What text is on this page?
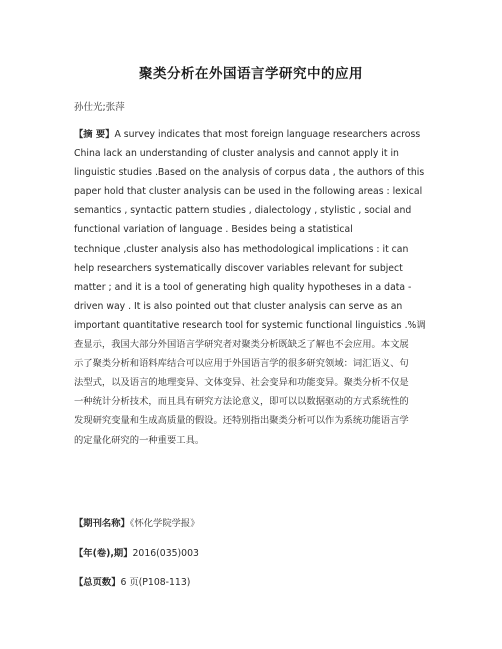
聚类分析在外国语言学研究中的应用
孙仕光;张萍
【摘 要】A survey indicates that most foreign language researchers across
China lack an understanding of cluster analysis and cannot apply it in
linguistic studies .Based on the analysis of corpus data , the authors of this
paper hold that cluster analysis can be used in the following areas : lexical
semantics , syntactic pattern studies , dialectology , stylistic , social and
functional variation of language . Besides being a statistical
technique ,cluster analysis also has methodological implications : it can
help researchers systematically discover variables relevant for subject
matter ; and it is a tool of generating high quality hypotheses in a data -
driven way . It is also pointed out that cluster analysis can serve as an
important quantitative research tool for systemic functional linguistics .%调
查显示，我国大部分外国语言学研究者对聚类分析既缺乏了解也不会应用。本文展
示了聚类分析和语料库结合可以应用于外国语言学的很多研究领域：词汇语义、句
法型式，以及语言的地理变异、文体变异、社会变异和功能变异。聚类分析不仅是
一种统计分析技术，而且具有研究方法论意义，即可以以数据驱动的方式系统性的
发现研究变量和生成高质量的假设。还特别指出聚类分析可以作为系统功能语言学
的定量化研究的一种重要工具。
【期刊名称】《怀化学院学报》
【年(卷),期】2016(035)003
【总页数】6 页(P108-113)
